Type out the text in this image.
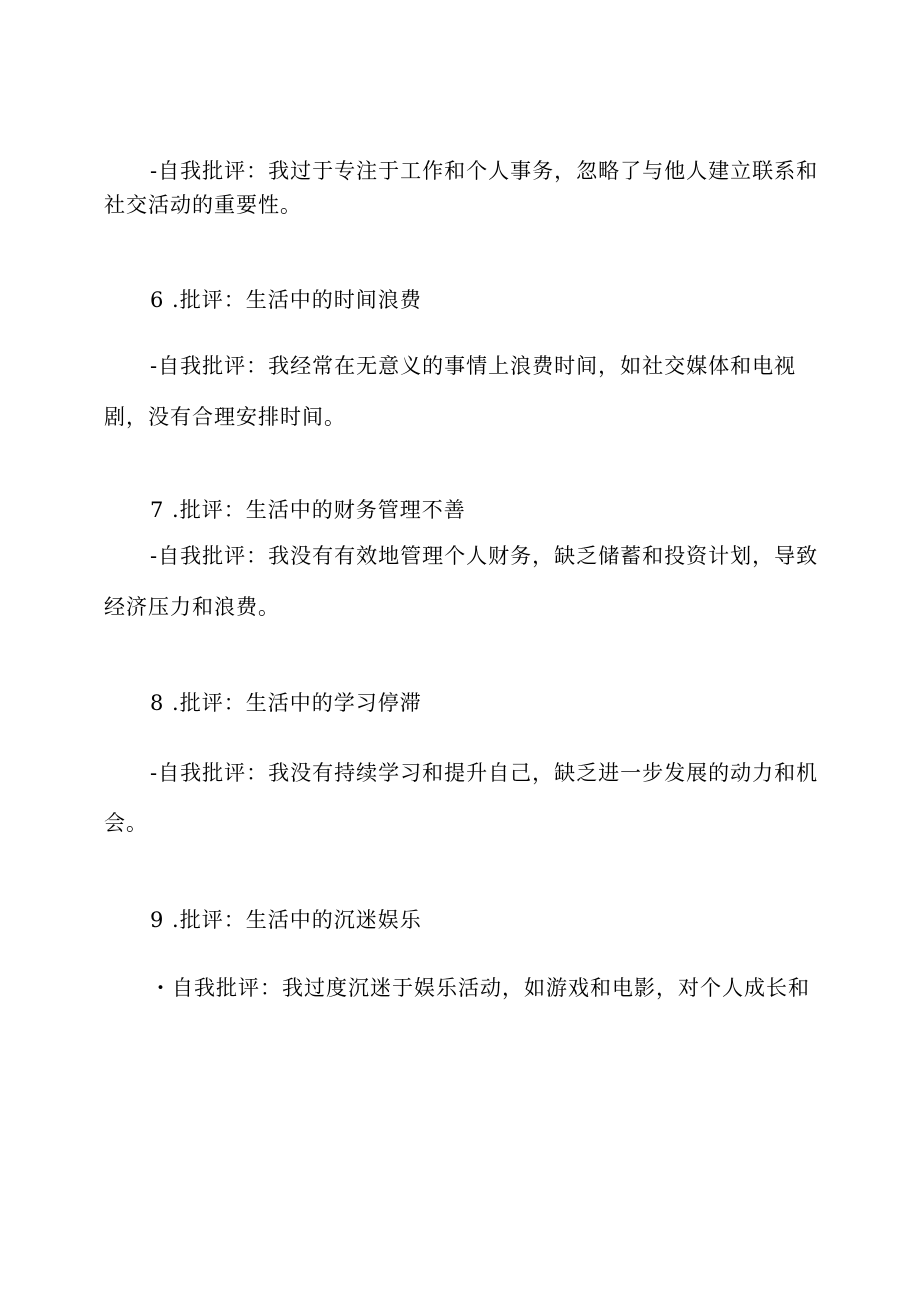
-自我批评：我过于专注于工作和个人事务，忽略了与他人建立联系和
社交活动的重要性。
6 .批评：生活中的时间浪费
-自我批评：我经常在无意义的事情上浪费时间，如社交媒体和电视
剧，没有合理安排时间。
7 .批评：生活中的财务管理不善
-自我批评：我没有有效地管理个人财务，缺乏储蓄和投资计划，导致
经济压力和浪费。
8 .批评：生活中的学习停滞
-自我批评：我没有持续学习和提升自己，缺乏进一步发展的动力和机
会。
9 .批评：生活中的沉迷娱乐
・自我批评：我过度沉迷于娱乐活动，如游戏和电影，对个人成长和
